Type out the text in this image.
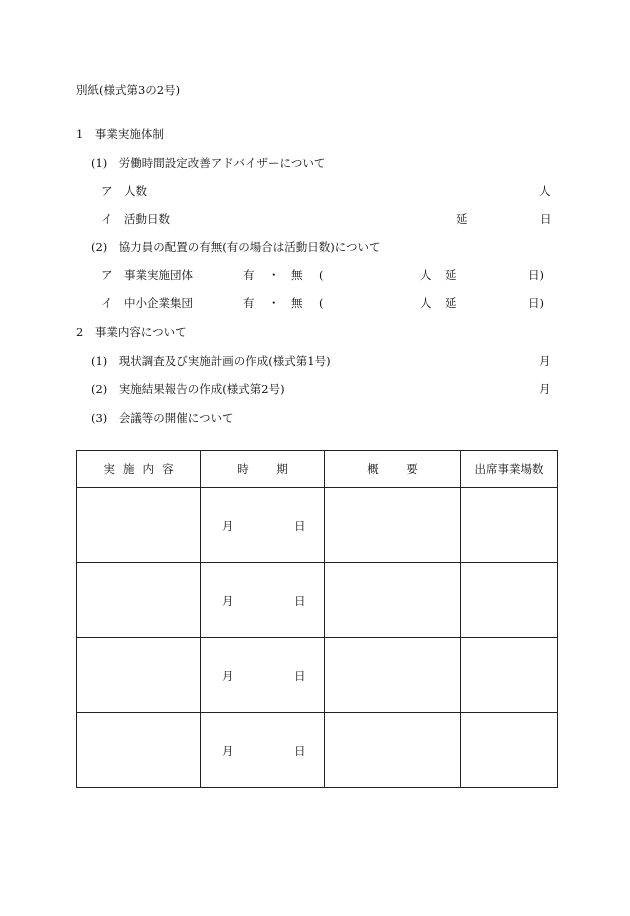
別紙(様式第3の2号)
1　事業実施体制
(1)　労働時間設定改善アドバイザーについて
ア　人数	人
イ　活動日数	延	日
(2)　協力員の配置の有無(有の場合は活動日数)について
ア　事業実施団体	有 ・ 無 (	人 延	日)
イ　中小企業集団	有 ・ 無 (	人 延	日)
2　事業内容について
(1)　現状調査及び実施計画の作成(様式第1号)	月
(2)　実施結果報告の作成(様式第2号)	月
(3)　会議等の開催について
実施内容	時期	概要	出席事業場数

	月 日		

	月 日		

	月 日		

	月 日		
